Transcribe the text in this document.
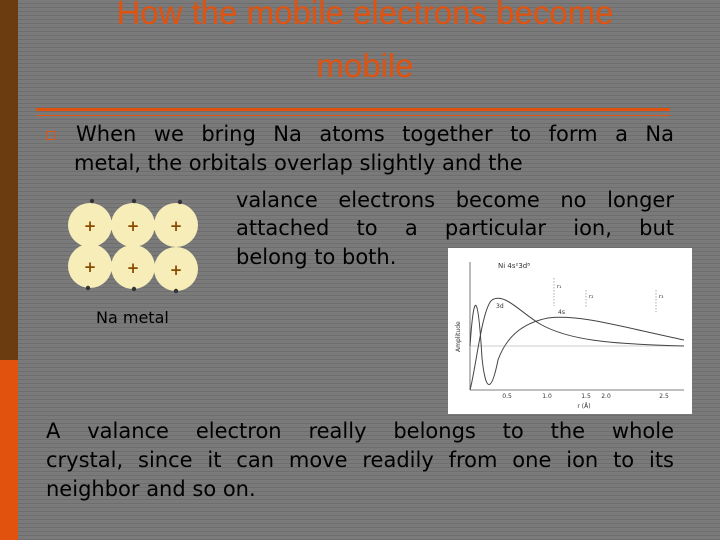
How the mobile electrons become
mobile
When we bring Na atoms together to form a Na
metal, the orbitals overlap slightly and the
valance electrons become no longer
attached to a particular ion, but
belong to both.
+ + +
+ + +
Na metal
Ni 4s²3d⁸
Amplitude
0.5	1.0	1.5 2.0	2.5
r (Å)
3d
4s
r₁
r₂	r₃
A valance electron really belongs to the whole
crystal, since it can move readily from one ion to its
neighbor and so on.
